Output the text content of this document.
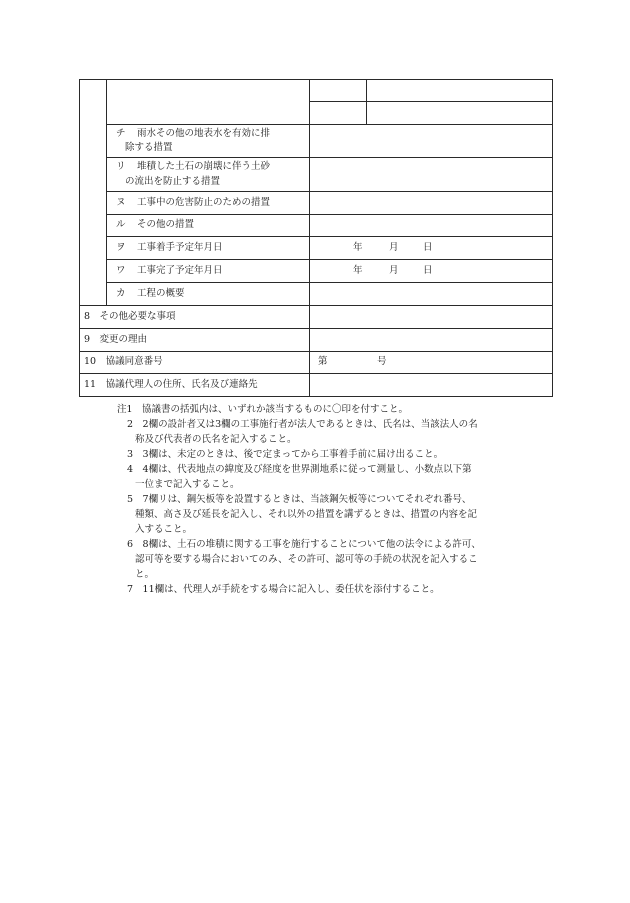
チ 雨水その他の地表水を有効に排
除する措置
リ 堆積した土石の崩壊に伴う土砂
の流出を防止する措置
ヌ 工事中の危害防止のための措置
ル その他の措置
ヲ 工事着手予定年月日	年	月	日
ワ 工事完了予定年月日	年	月	日
カ 工程の概要
8　その他必要な事項
9　変更の理由
10　協議同意番号	第	号
11　協議代理人の住所、氏名及び連絡先
注1　協議書の括弧内は、いずれか該当するものに〇印を付すこと。
2　2欄の設計者又は3欄の工事施行者が法人であるときは、氏名は、当該法人の名
称及び代表者の氏名を記入すること。
3　3欄は、未定のときは、後で定まってから工事着手前に届け出ること。
4　4欄は、代表地点の緯度及び経度を世界測地系に従って測量し、小数点以下第
一位まで記入すること。
5　7欄リは、鋼矢板等を設置するときは、当該鋼矢板等についてそれぞれ番号、
種類、高さ及び延長を記入し、それ以外の措置を講ずるときは、措置の内容を記
入すること。
6　8欄は、土石の堆積に関する工事を施行することについて他の法令による許可、
認可等を要する場合においてのみ、その許可、認可等の手続の状況を記入するこ
と。
7　11欄は、代理人が手続をする場合に記入し、委任状を添付すること。
